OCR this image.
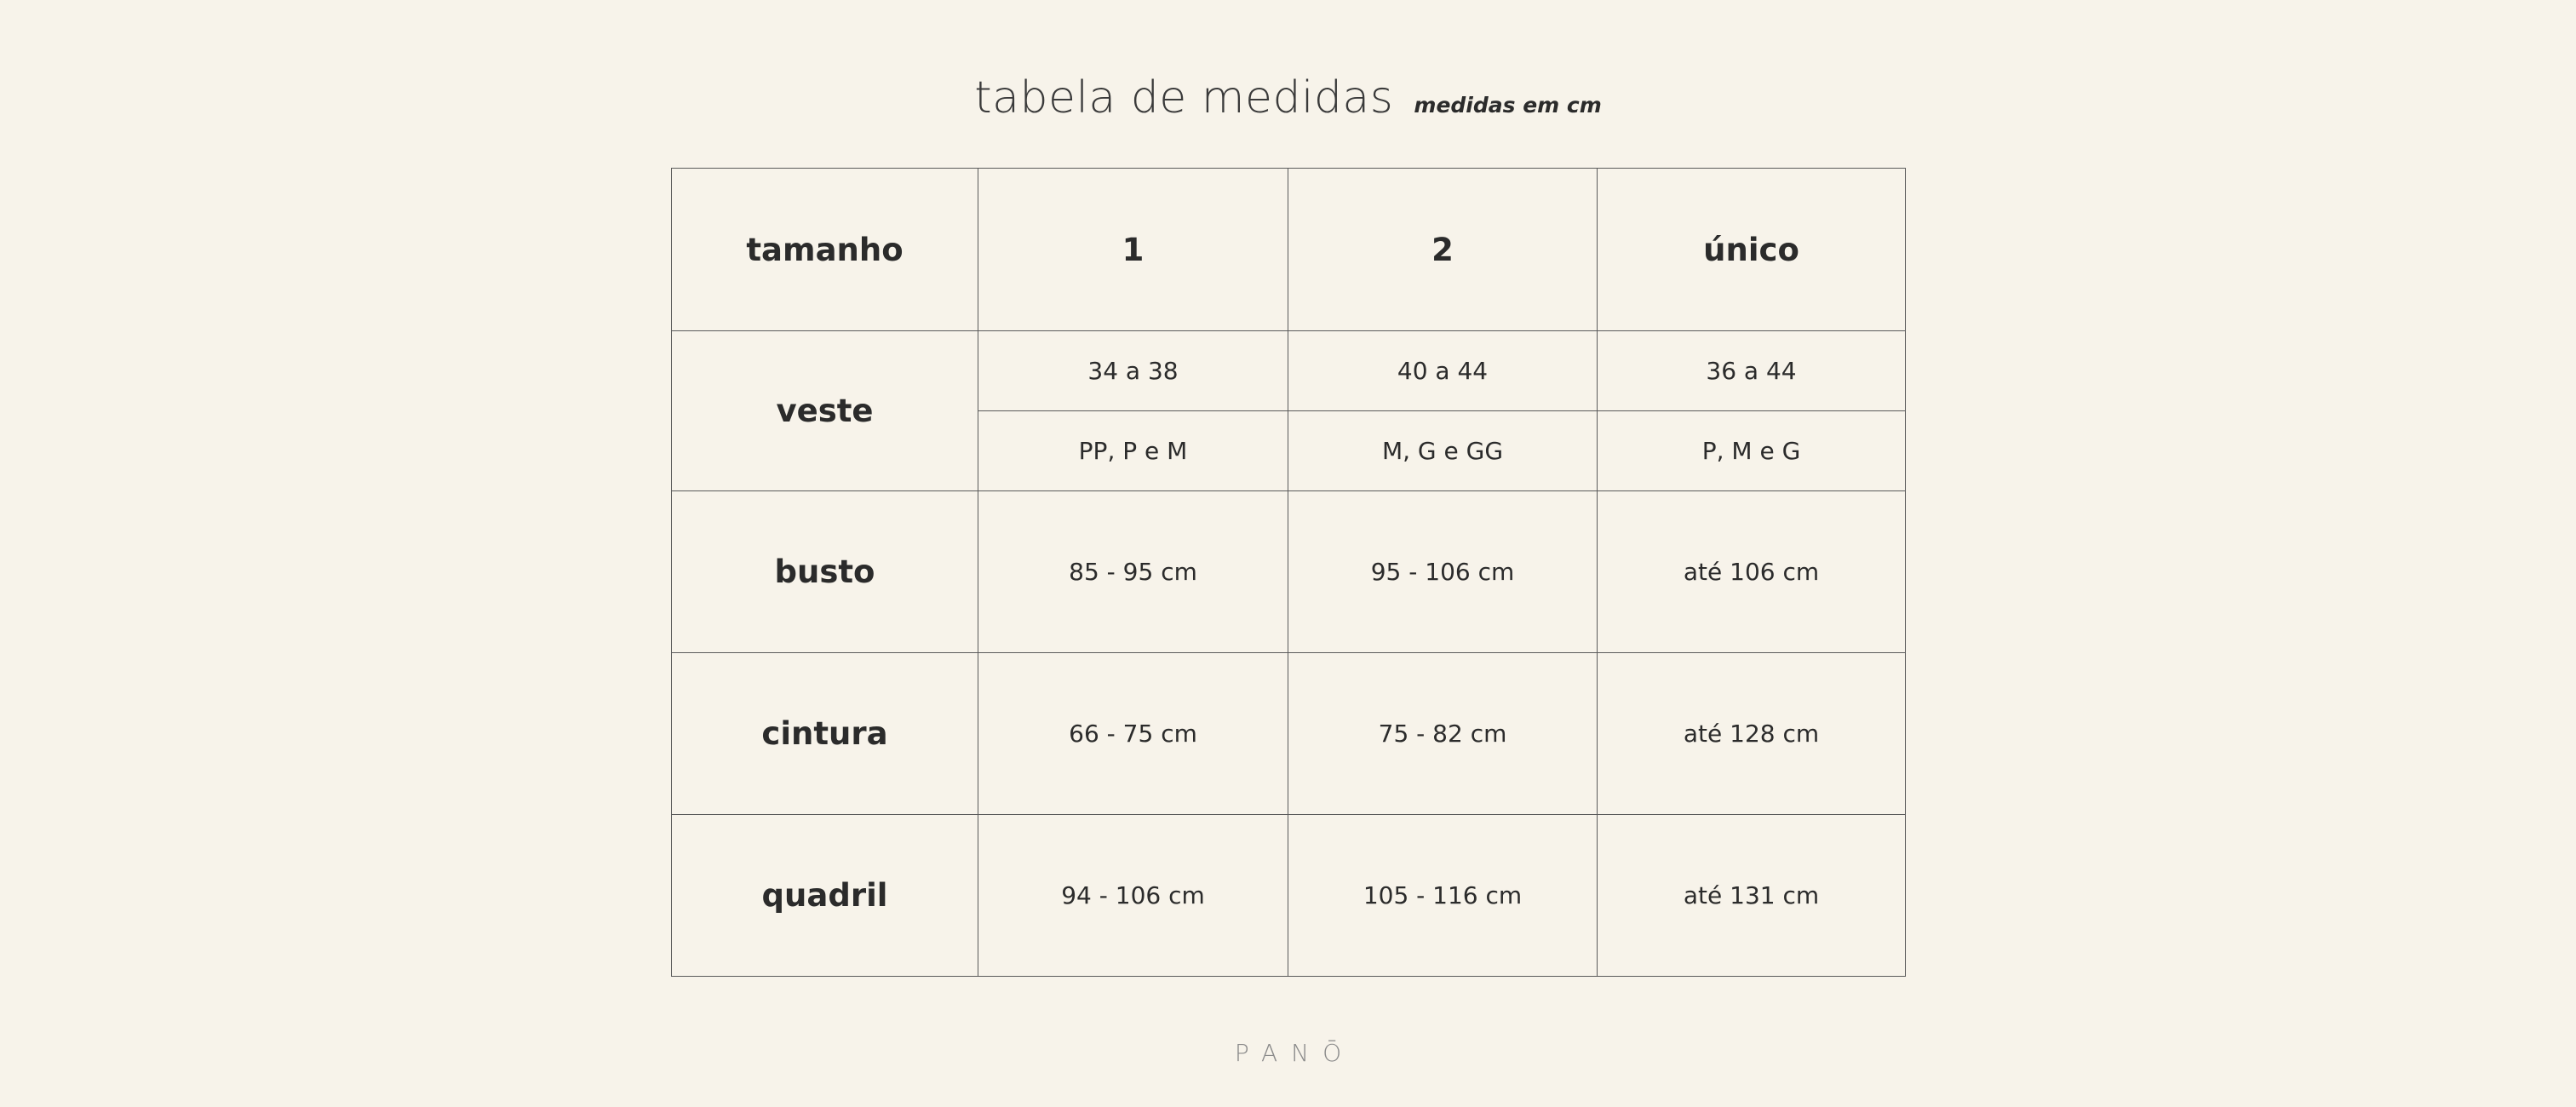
tabela de medidas medidas em cm
tamanho	1	2	único
veste	34 a 38	40 a 44	36 a 44
	PP, P e M	M, G e GG	P, M e G
busto	85 - 95 cm	95 - 106 cm	até 106 cm
cintura	66 - 75 cm	75 - 82 cm	até 128 cm
quadril	94 - 106 cm	105 - 116 cm	até 131 cm
PANŌ
